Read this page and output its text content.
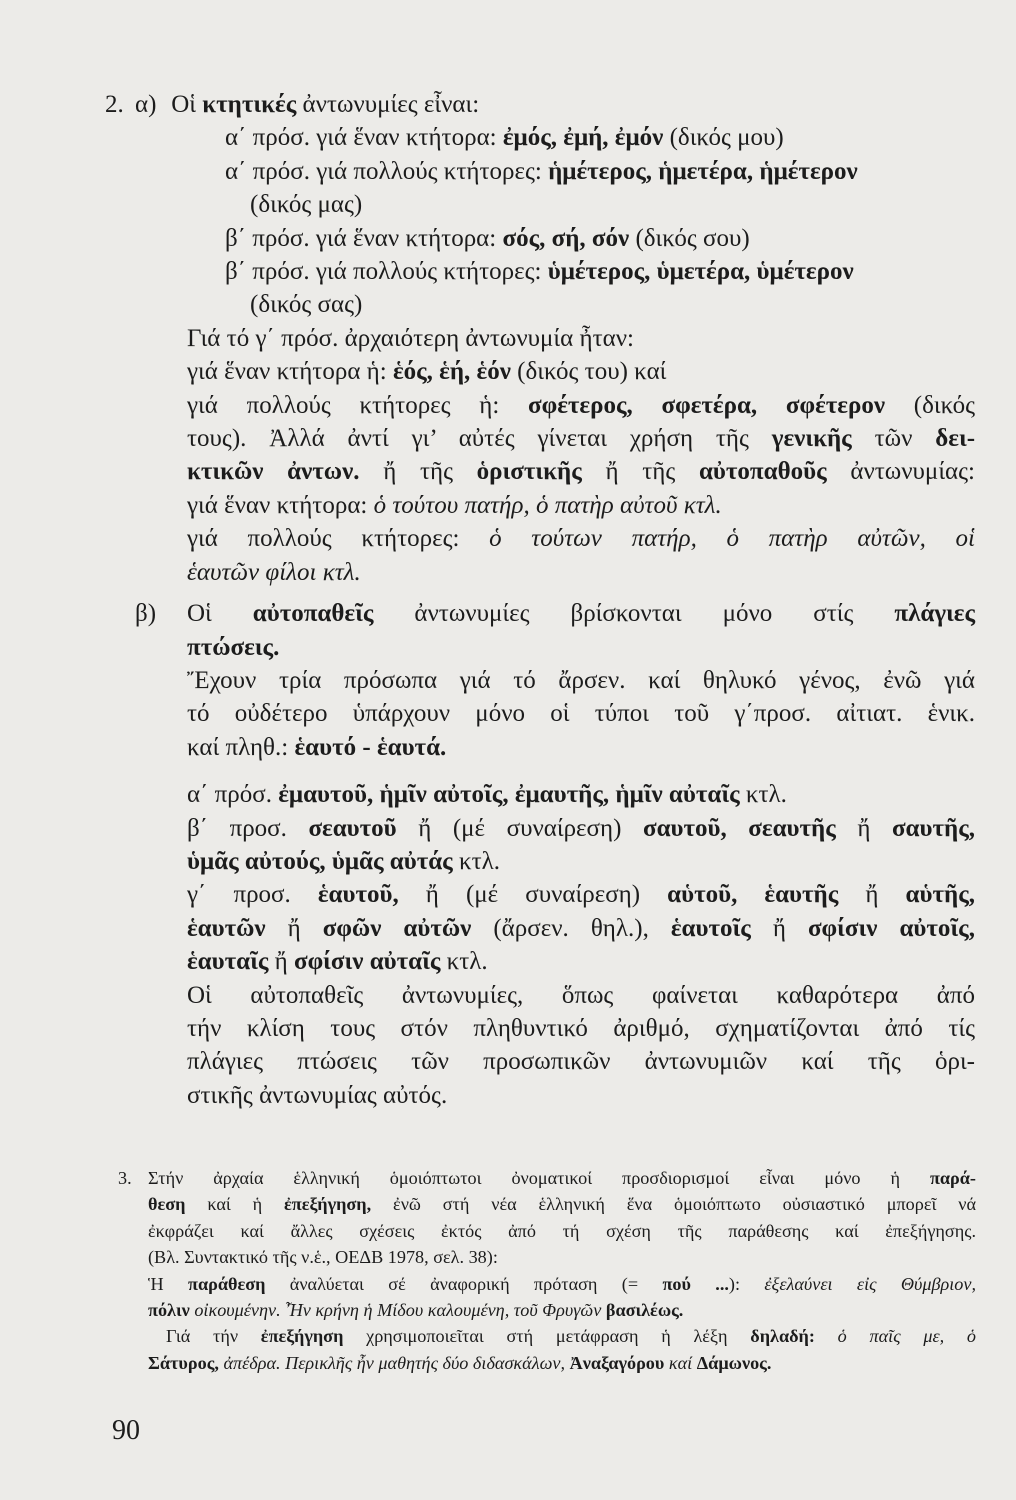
2. α) Οἱ κτητικές ἀντωνυμίες εἶναι:

α΄ πρόσ. γιά ἕναν κτήτορα: ἐμός, ἐμή, ἐμόν (δικός μου)

α΄ πρόσ. γιά πολλούς κτήτορες: ἡμέτερος, ἡμετέρα, ἡμέτερον

(δικός μας)

β΄ πρόσ. γιά ἕναν κτήτορα: σός, σή, σόν (δικός σου)

β΄ πρόσ. γιά πολλούς κτήτορες: ὑμέτερος, ὑμετέρα, ὑμέτερον

(δικός σας)

Γιά τό γ΄ πρόσ. ἀρχαιότερη ἀντωνυμία ἦταν:

γιά ἕναν κτήτορα ἡ: ἑός, ἑή, ἑόν (δικός του) καί

γιά πολλούς κτήτορες ἡ: σφέτερος, σφετέρα, σφέτερον (δικός

τους). Ἀλλά ἀντί γι’ αὐτές γίνεται χρήση τῆς γενικῆς τῶν δει-

κτικῶν ἀντων. ἤ τῆς ὁριστικῆς ἤ τῆς αὐτοπαθοῦς ἀντωνυμίας:

γιά ἕναν κτήτορα: ὁ τούτου πατήρ, ὁ πατὴρ αὐτοῦ κτλ.

γιά πολλούς κτήτορες: ὁ τούτων πατήρ, ὁ πατὴρ αὐτῶν, οἱ

ἑαυτῶν φίλοι κτλ.

β) Οἱ αὐτοπαθεῖς ἀντωνυμίες βρίσκονται μόνο στίς πλάγιες

πτώσεις.

Ἔχουν τρία πρόσωπα γιά τό ἄρσεν. καί θηλυκό γένος, ἐνῶ γιά

τό οὐδέτερο ὑπάρχουν μόνο οἱ τύποι τοῦ γ΄προσ. αἰτιατ. ἑνικ.

καί πληθ.: ἑαυτό - ἑαυτά.

α΄ πρόσ. ἐμαυτοῦ, ἡμῖν αὐτοῖς, ἐμαυτῆς, ἡμῖν αὐταῖς κτλ.

β΄ προσ. σεαυτοῦ ἤ (μέ συναίρεση) σαυτοῦ, σεαυτῆς ἤ σαυτῆς,

ὑμᾶς αὐτούς, ὑμᾶς αὐτάς κτλ.

γ΄ προσ. ἑαυτοῦ, ἤ (μέ συναίρεση) αὑτοῦ, ἑαυτῆς ἤ αὑτῆς,

ἑαυτῶν ἤ σφῶν αὐτῶν (ἄρσεν. θηλ.), ἑαυτοῖς ἤ σφίσιν αὐτοῖς,

ἑαυταῖς ἤ σφίσιν αὐταῖς κτλ.

Οἱ αὐτοπαθεῖς ἀντωνυμίες, ὅπως φαίνεται καθαρότερα ἀπό

τήν κλίση τους στόν πληθυντικό ἀριθμό, σχηματίζονται ἀπό τίς

πλάγιες πτώσεις τῶν προσωπικῶν ἀντωνυμιῶν καί τῆς ὁρι-

στικῆς ἀντωνυμίας αὐτός.

3. Στήν ἀρχαία ἑλληνική ὁμοιόπτωτοι ὀνοματικοί προσδιορισμοί εἶναι μόνο ἡ παρά-

θεση καί ἡ ἐπεξήγηση, ἐνῶ στή νέα ἑλληνική ἕνα ὁμοιόπτωτο οὐσιαστικό μπορεῖ νά

ἐκφράζει καί ἄλλες σχέσεις ἐκτός ἀπό τή σχέση τῆς παράθεσης καί ἐπεξήγησης.

(Βλ. Συντακτικό τῆς ν.ἑ., ΟΕΔΒ 1978, σελ. 38):

Ἡ παράθεση ἀναλύεται σέ ἀναφορική πρόταση (= πού ...): ἐξελαύνει εἰς Θύμβριον,

πόλιν οἰκουμένην. Ἦν κρήνη ἡ Μίδου καλουμένη, τοῦ Φρυγῶν βασιλέως.

Γιά τήν ἐπεξήγηση χρησιμοποιεῖται στή μετάφραση ἡ λέξη δηλαδή: ὁ παῖς με, ὁ

Σάτυρος, ἀπέδρα. Περικλῆς ἦν μαθητής δύο διδασκάλων, Ἀναξαγόρου καί Δάμωνος.

90
